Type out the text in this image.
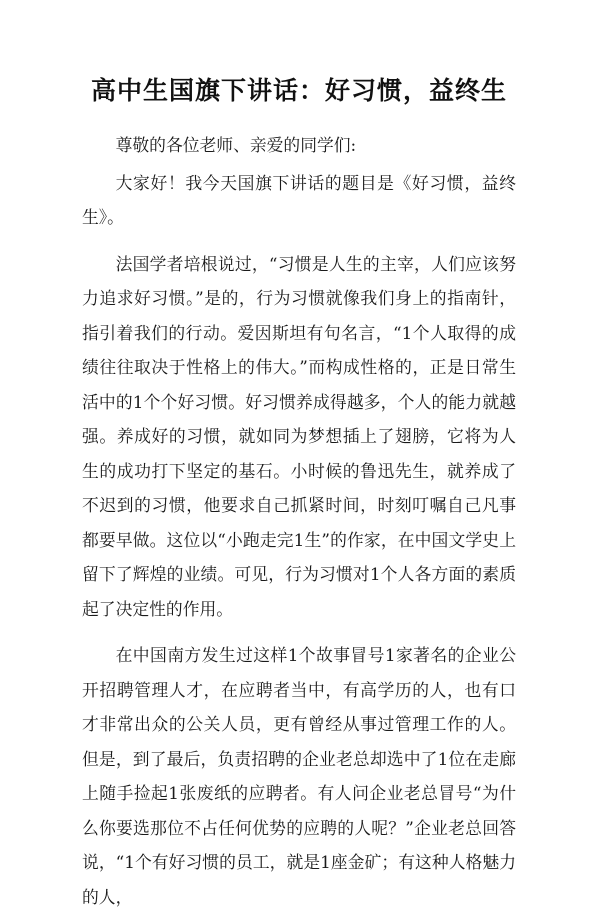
高中生国旗下讲话：好习惯，益终生

尊敬的各位老师、亲爱的同学们:

大家好！我今天国旗下讲话的题目是《好习惯，益终生》。

法国学者培根说过，“习惯是人生的主宰，人们应该努力追求好习惯。”是的，行为习惯就像我们身上的指南针，指引着我们的行动。爱因斯坦有句名言，“1个人取得的成绩往往取决于性格上的伟大。”而构成性格的，正是日常生活中的1个个好习惯。好习惯养成得越多，个人的能力就越强。养成好的习惯，就如同为梦想插上了翅膀，它将为人生的成功打下坚定的基石。小时候的鲁迅先生，就养成了不迟到的习惯，他要求自己抓紧时间，时刻叮嘱自己凡事都要早做。这位以“小跑走完1生”的作家，在中国文学史上留下了辉煌的业绩。可见，行为习惯对1个人各方面的素质起了决定性的作用。

在中国南方发生过这样1个故事冒号1家著名的企业公开招聘管理人才，在应聘者当中，有高学历的人，也有口才非常出众的公关人员，更有曾经从事过管理工作的人。但是，到了最后，负责招聘的企业老总却选中了1位在走廊上随手捡起1张废纸的应聘者。有人问企业老总冒号“为什么你要选那位不占任何优势的应聘的人呢？”企业老总回答说，“1个有好习惯的员工，就是1座金矿；有这种人格魅力的人，
